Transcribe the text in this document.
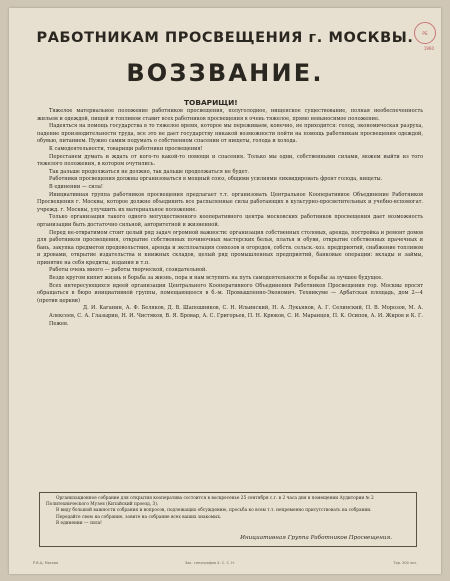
РБ
1960
РАБОТНИКАМ ПРОСВЕЩЕНИЯ г. МОСКВЫ.
ВОЗЗВАНИЕ.
ТОВАРИЩИ!

Тяжелое материальное положение работников просвещения, полуголодное, нищенское существование, полная необеспеченность жильем и одеждой, пищей и топливом ставит всех работников просвещения в очень тяжелое, прямо невыносимое положение.

Надеяться на помощь государства в то тяжелое время, которое мы переживаем, конечно, не приходится: голод, экономическая разруха, падение производительности труда, все это не дает государству никакой возможности пойти на помощь работникам просвещения одеждой, обувью, питанием. Нужно самим подумать о собственном спасении от нищеты, голода и холода.

К самодеятельности, товарищи работники просвещения!

Перестанем думать и ждать от кого-то какой-то помощи и спасения. Только мы одни, собственными силами, можем выйти из того тяжелого положения, в котором очутились.

Так дальше продолжаться не должно, так дальше продолжаться не будет.

Работники просвещения должны организоваться в мощный союз, общими усилиями ликвидировать фронт голода, нищеты.

В единении — сила!

Инициативная группа работников просвещения предлагает т.т. организовать Центральное Кооперативное Объединение Работников Просвещения г. Москвы, которое должно объединить все распыленные силы работающих в культурно-просветительных и учебно-вспомогат. учрежд. г. Москвы, улучшить их материальное положение.

Только организация такого одного могущественного кооперативного центра московских работников просвещения дает возможность организации быть достаточно сильной, авторитетной и жизненной.

Перед не-отвратимом стоит целый ряд задач огромной важности: организация собственных столовых, аренда, постройка и ремонт домов для работников просвещения, открытие собственных починочных мастерских белья, платья и обуви, открытие собственных прачечных и бань, закупка предметов продовольствия, аренда и эксплоатация совхозов и огородов, собств. сельск.-хоз. предприятий, снабжение топливом и дровами, открытие издательства и книжных складов, целый ряд промышленных предприятий, банковые операции: вклады и займы, принятие на себя кредиты, издания и т.п.

Работы очень много — работы творческой, созидательной.

Везде кругом кипит жизнь и борьба за жизнь, пора и нам вступить на путь самодеятельности и борьбы за лучшее будущее.

Всех интересующихся идеей организации Центрального Кооперативного Объединения Работников Просвещения гор. Москвы просят обращаться в бюро инициативной группы, помещающееся в б.-м. Промышленно-Экономич. Техникуме — Арбатская площадь, дом 2—4 (против церкви)

Д. И. Каганин, А. Ф. Беляков, Д. В. Шапошников, С. Н. Ильинский, Н. А. Лукьянов, А. Г. Селинский, П. В. Морозов, М. А. Алексеев, С. А. Глазырин, Н. И. Чистяков, В. Я. Бровар, А. С. Григорьев, П. Н. Крюков, С. И. Маранцев, П. К. Осипов, А. И. Жиров и К. Г. Пежев.

Организационное собрание для открытия кооператива состоится в воскресенье 25 сентября с.г. в 2 часа дня в помещении Аудитории № 2 Политехнического Музея (Китайский проезд, 3).

В виду большой важности собрания и вопросов, подлежащих обсуждению, просьба ко всем т.т. непременно присутствовать на собрании.

Передайте свою на собрание, зовите на собрание всех ваших знакомых.

В единении — сила!

Инициативная Группа Работников Просвещения.
Р.В.Ц. Москва	Зак. типография Х. С. С. Н.	Тир. 500 экз.
